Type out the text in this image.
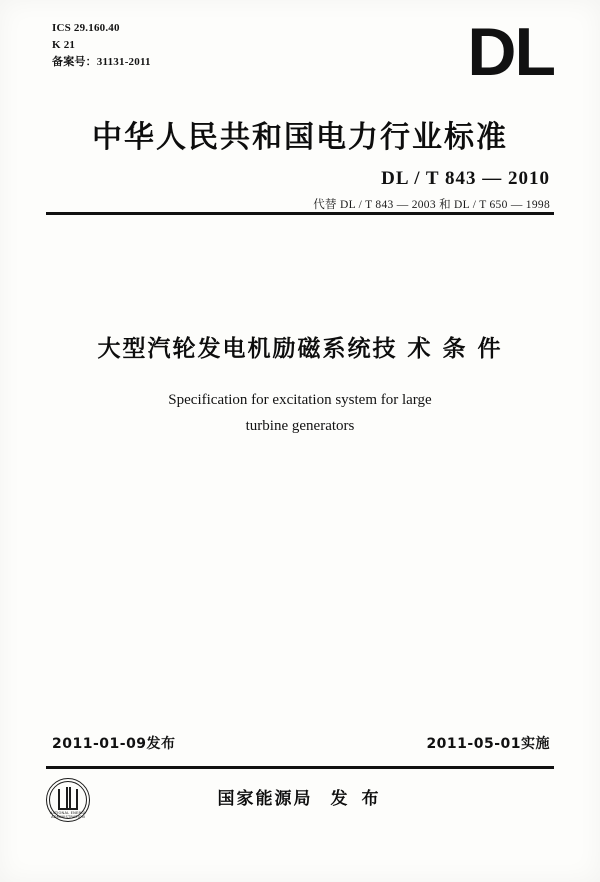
ICS 29.160.40
K 21
备案号：31131-2011	DL
中华人民共和国电力行业标准
DL / T 843 — 2010
代替 DL / T 843 — 2003 和 DL / T 650 — 1998
大型汽轮发电机励磁系统技 术 条 件
Specification for excitation system for large
turbine generators
2011-01-09发布	2011-05-01实施
NATIONAL ENERGY ADMINISTRATION
国家能源局 发 布
